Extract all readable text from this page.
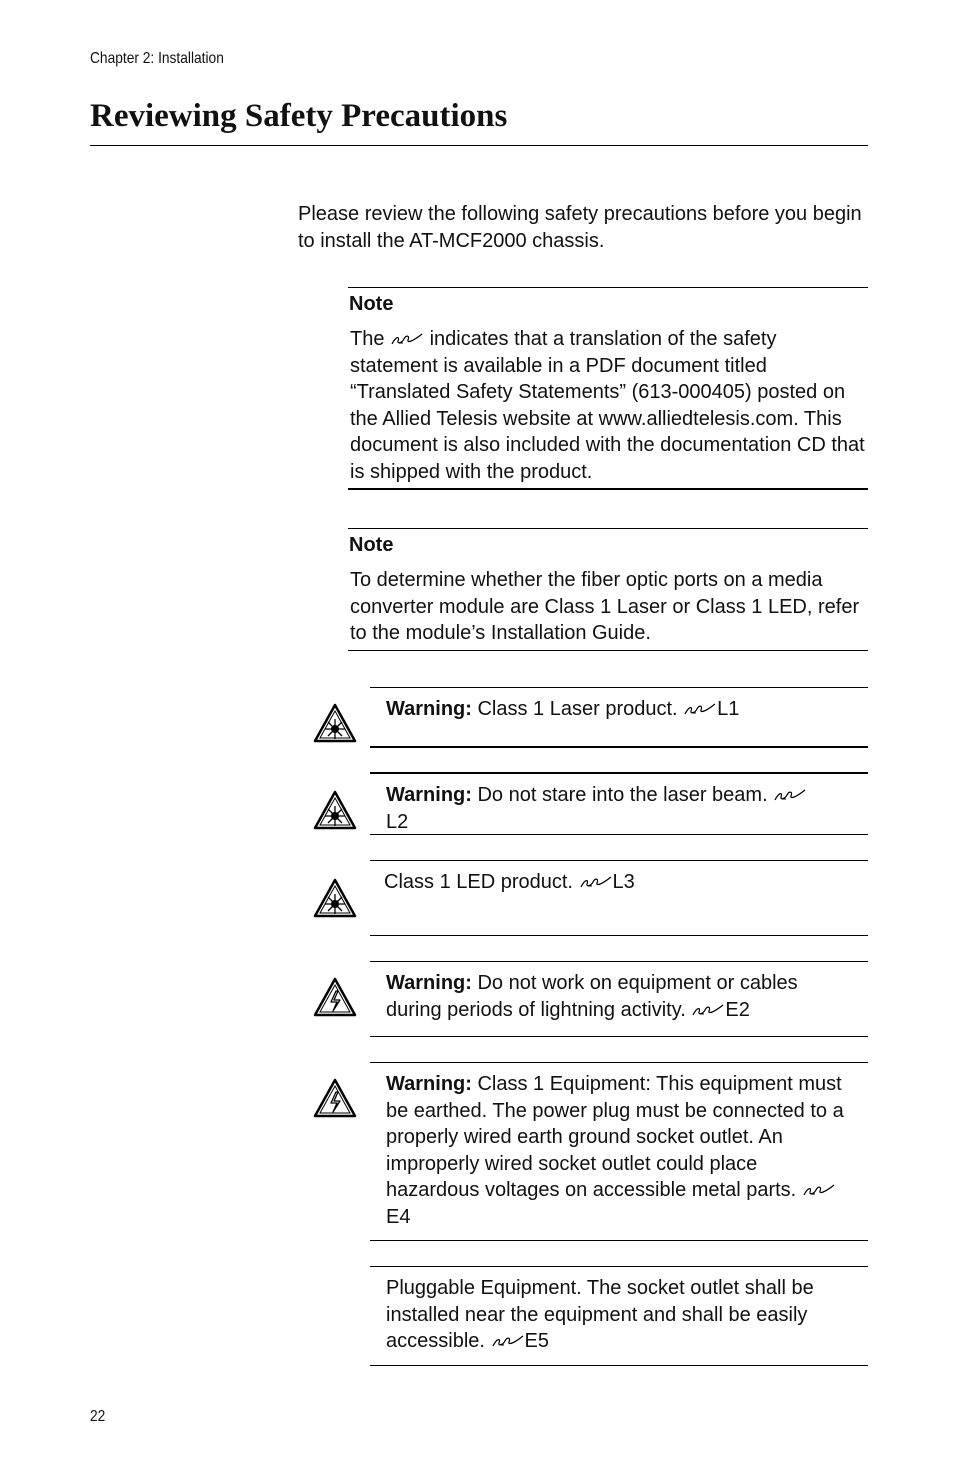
Chapter 2: Installation
Reviewing Safety Precautions

Please review the following safety precautions before you begin to install the AT-MCF2000 chassis.

Note

The indicates that a translation of the safety statement is available in a PDF document titled “Translated Safety Statements” (613-000405) posted on the Allied Telesis website at www.alliedtelesis.com. This document is also included with the documentation CD that is shipped with the product.

Note

To determine whether the fiber optic ports on a media converter module are Class 1 Laser or Class 1 LED, refer to the module’s Installation Guide.

Warning: Class 1 Laser product. L1

Warning: Do not stare into the laser beam.
L2

Class 1 LED product. L3

Warning: Do not work on equipment or cables during periods of lightning activity. E2

Warning: Class 1 Equipment: This equipment must be earthed. The power plug must be connected to a properly wired earth ground socket outlet. An improperly wired socket outlet could place hazardous voltages on accessible metal parts.  E4

Pluggable Equipment. The socket outlet shall be installed near the equipment and shall be easily accessible. E5

22
